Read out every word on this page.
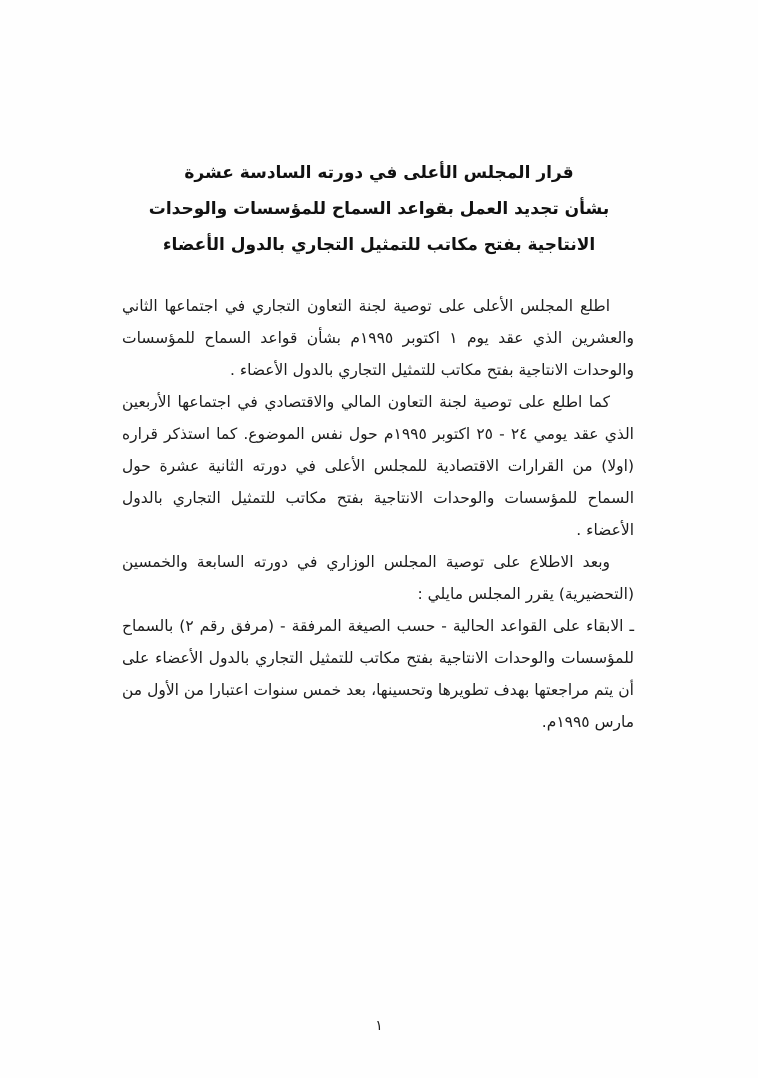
قرار المجلس الأعلى في دورته السادسة عشرة
بشأن تجديد العمل بقواعد السماح للمؤسسات والوحدات
الانتاجية بفتح مكاتب للتمثيل التجاري بالدول الأعضاء

اطلع المجلس الأعلى على توصية لجنة التعاون التجاري في اجتماعها الثاني والعشرين الذي عقد يوم ١ اكتوبر ١٩٩٥م بشأن قواعد السماح للمؤسسات والوحدات الانتاجية بفتح مكاتب للتمثيل التجاري بالدول الأعضاء .

كما اطلع على توصية لجنة التعاون المالي والاقتصادي في اجتماعها الأربعين الذي عقد يومي ٢٤ - ٢٥ اكتوبر ١٩٩٥م حول نفس الموضوع. كما استذكر قراره (اولا) من القرارات الاقتصادية للمجلس الأعلى في دورته الثانية عشرة حول السماح للمؤسسات والوحدات الانتاجية بفتح مكاتب للتمثيل التجاري بالدول الأعضاء .

وبعد الاطلاع على توصية المجلس الوزاري في دورته السابعة والخمسين (التحضيرية) يقرر المجلس مايلي :

ـ الابقاء على القواعد الحالية - حسب الصيغة المرفقة - (مرفق رقم ٢) بالسماح للمؤسسات والوحدات الانتاجية بفتح مكاتب للتمثيل التجاري بالدول الأعضاء على أن يتم مراجعتها بهدف تطويرها وتحسينها، بعد خمس سنوات اعتبارا من الأول من مارس ١٩٩٥م.

١
